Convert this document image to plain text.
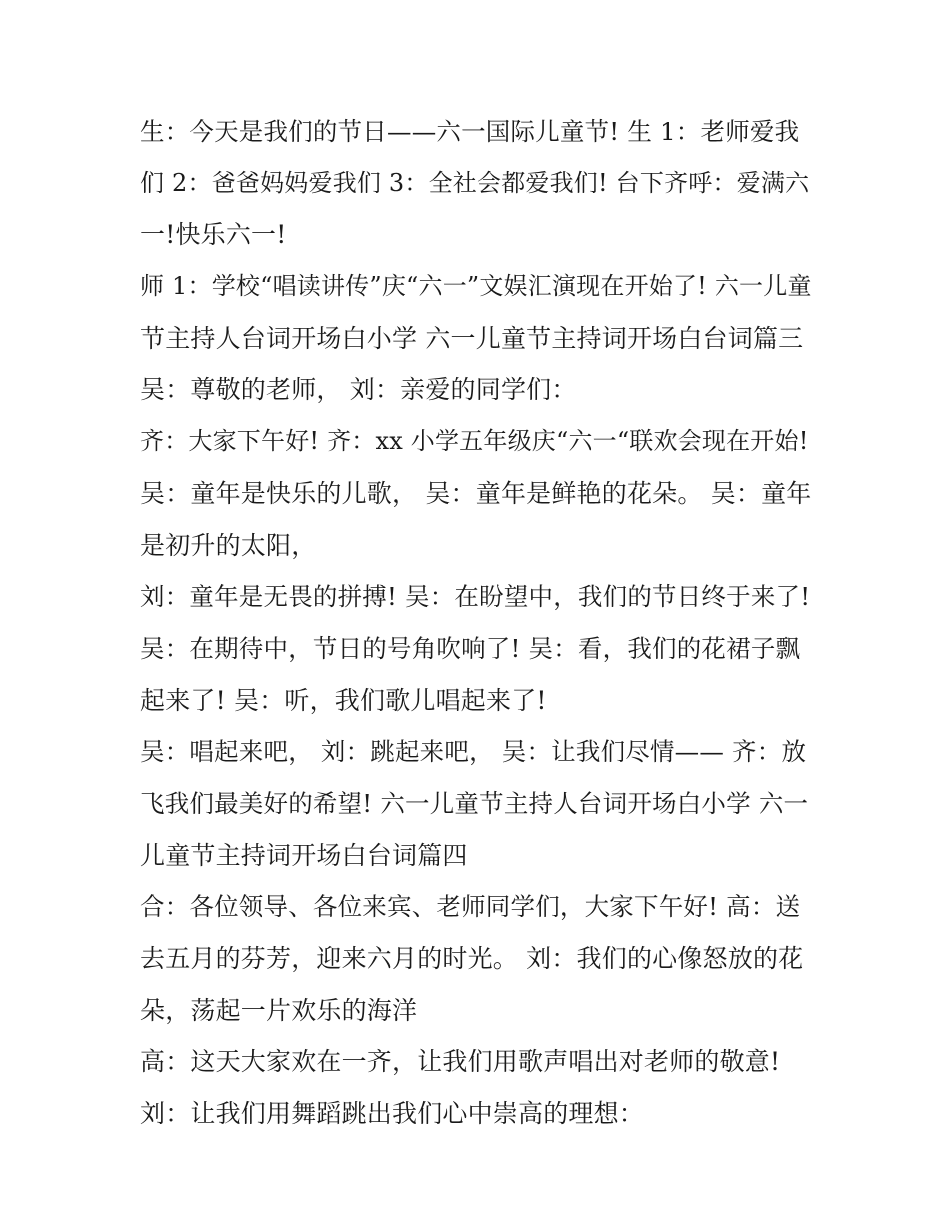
生：今天是我们的节日——六一国际儿童节! 生 1：老师爱我
们 2：爸爸妈妈爱我们 3：全社会都爱我们! 台下齐呼：爱满六
一!快乐六一!
师 1：学校“唱读讲传”庆“六一”文娱汇演现在开始了! 六一儿童
节主持人台词开场白小学 六一儿童节主持词开场白台词篇三
吴：尊敬的老师， 刘：亲爱的同学们：
齐：大家下午好! 齐：xx 小学五年级庆“六一“联欢会现在开始!
吴：童年是快乐的儿歌， 吴：童年是鲜艳的花朵。 吴：童年
是初升的太阳，
刘：童年是无畏的拼搏! 吴：在盼望中，我们的节日终于来了!
吴：在期待中，节日的号角吹响了! 吴：看，我们的花裙子飘
起来了! 吴：听，我们歌儿唱起来了!
吴：唱起来吧， 刘：跳起来吧， 吴：让我们尽情—— 齐：放
飞我们最美好的希望! 六一儿童节主持人台词开场白小学 六一
儿童节主持词开场白台词篇四
合：各位领导、各位来宾、老师同学们，大家下午好! 高：送
去五月的芬芳，迎来六月的时光。 刘：我们的心像怒放的花
朵，荡起一片欢乐的海洋
高：这天大家欢在一齐，让我们用歌声唱出对老师的敬意!
刘：让我们用舞蹈跳出我们心中崇高的理想：
